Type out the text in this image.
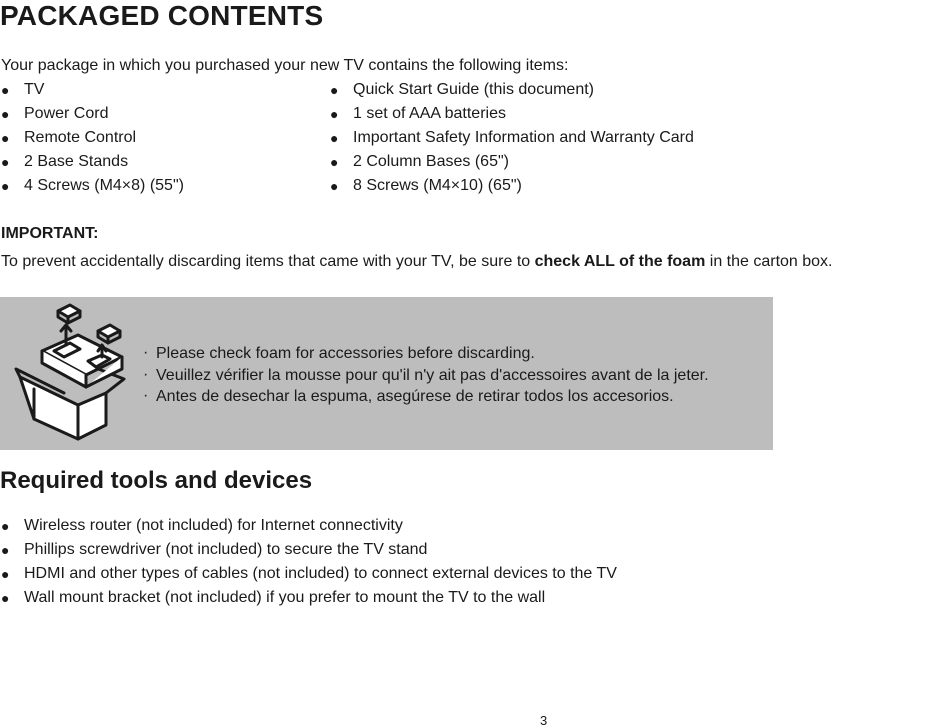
PACKAGED CONTENTS
Your package in which you purchased your new TV contains the following items:
● TV
● Power Cord
● Remote Control
● 2 Base Stands
● 4 Screws (M4×8) (55")
● Quick Start Guide (this document)
● 1 set of AAA batteries
● Important Safety Information and Warranty Card
● 2 Column Bases (65")
● 8 Screws (M4×10) (65")
IMPORTANT:
To prevent accidentally discarding items that came with your TV, be sure to check ALL of the foam in the carton box.
· Please check foam for accessories before discarding.
· Veuillez vérifier la mousse pour qu'il n'y ait pas d'accessoires avant de la jeter.
· Antes de desechar la espuma, asegúrese de retirar todos los accesorios.
Required tools and devices
● Wireless router (not included) for Internet connectivity
● Phillips screwdriver (not included) to secure the TV stand
● HDMI and other types of cables (not included) to connect external devices to the TV
● Wall mount bracket (not included) if you prefer to mount the TV to the wall
3
